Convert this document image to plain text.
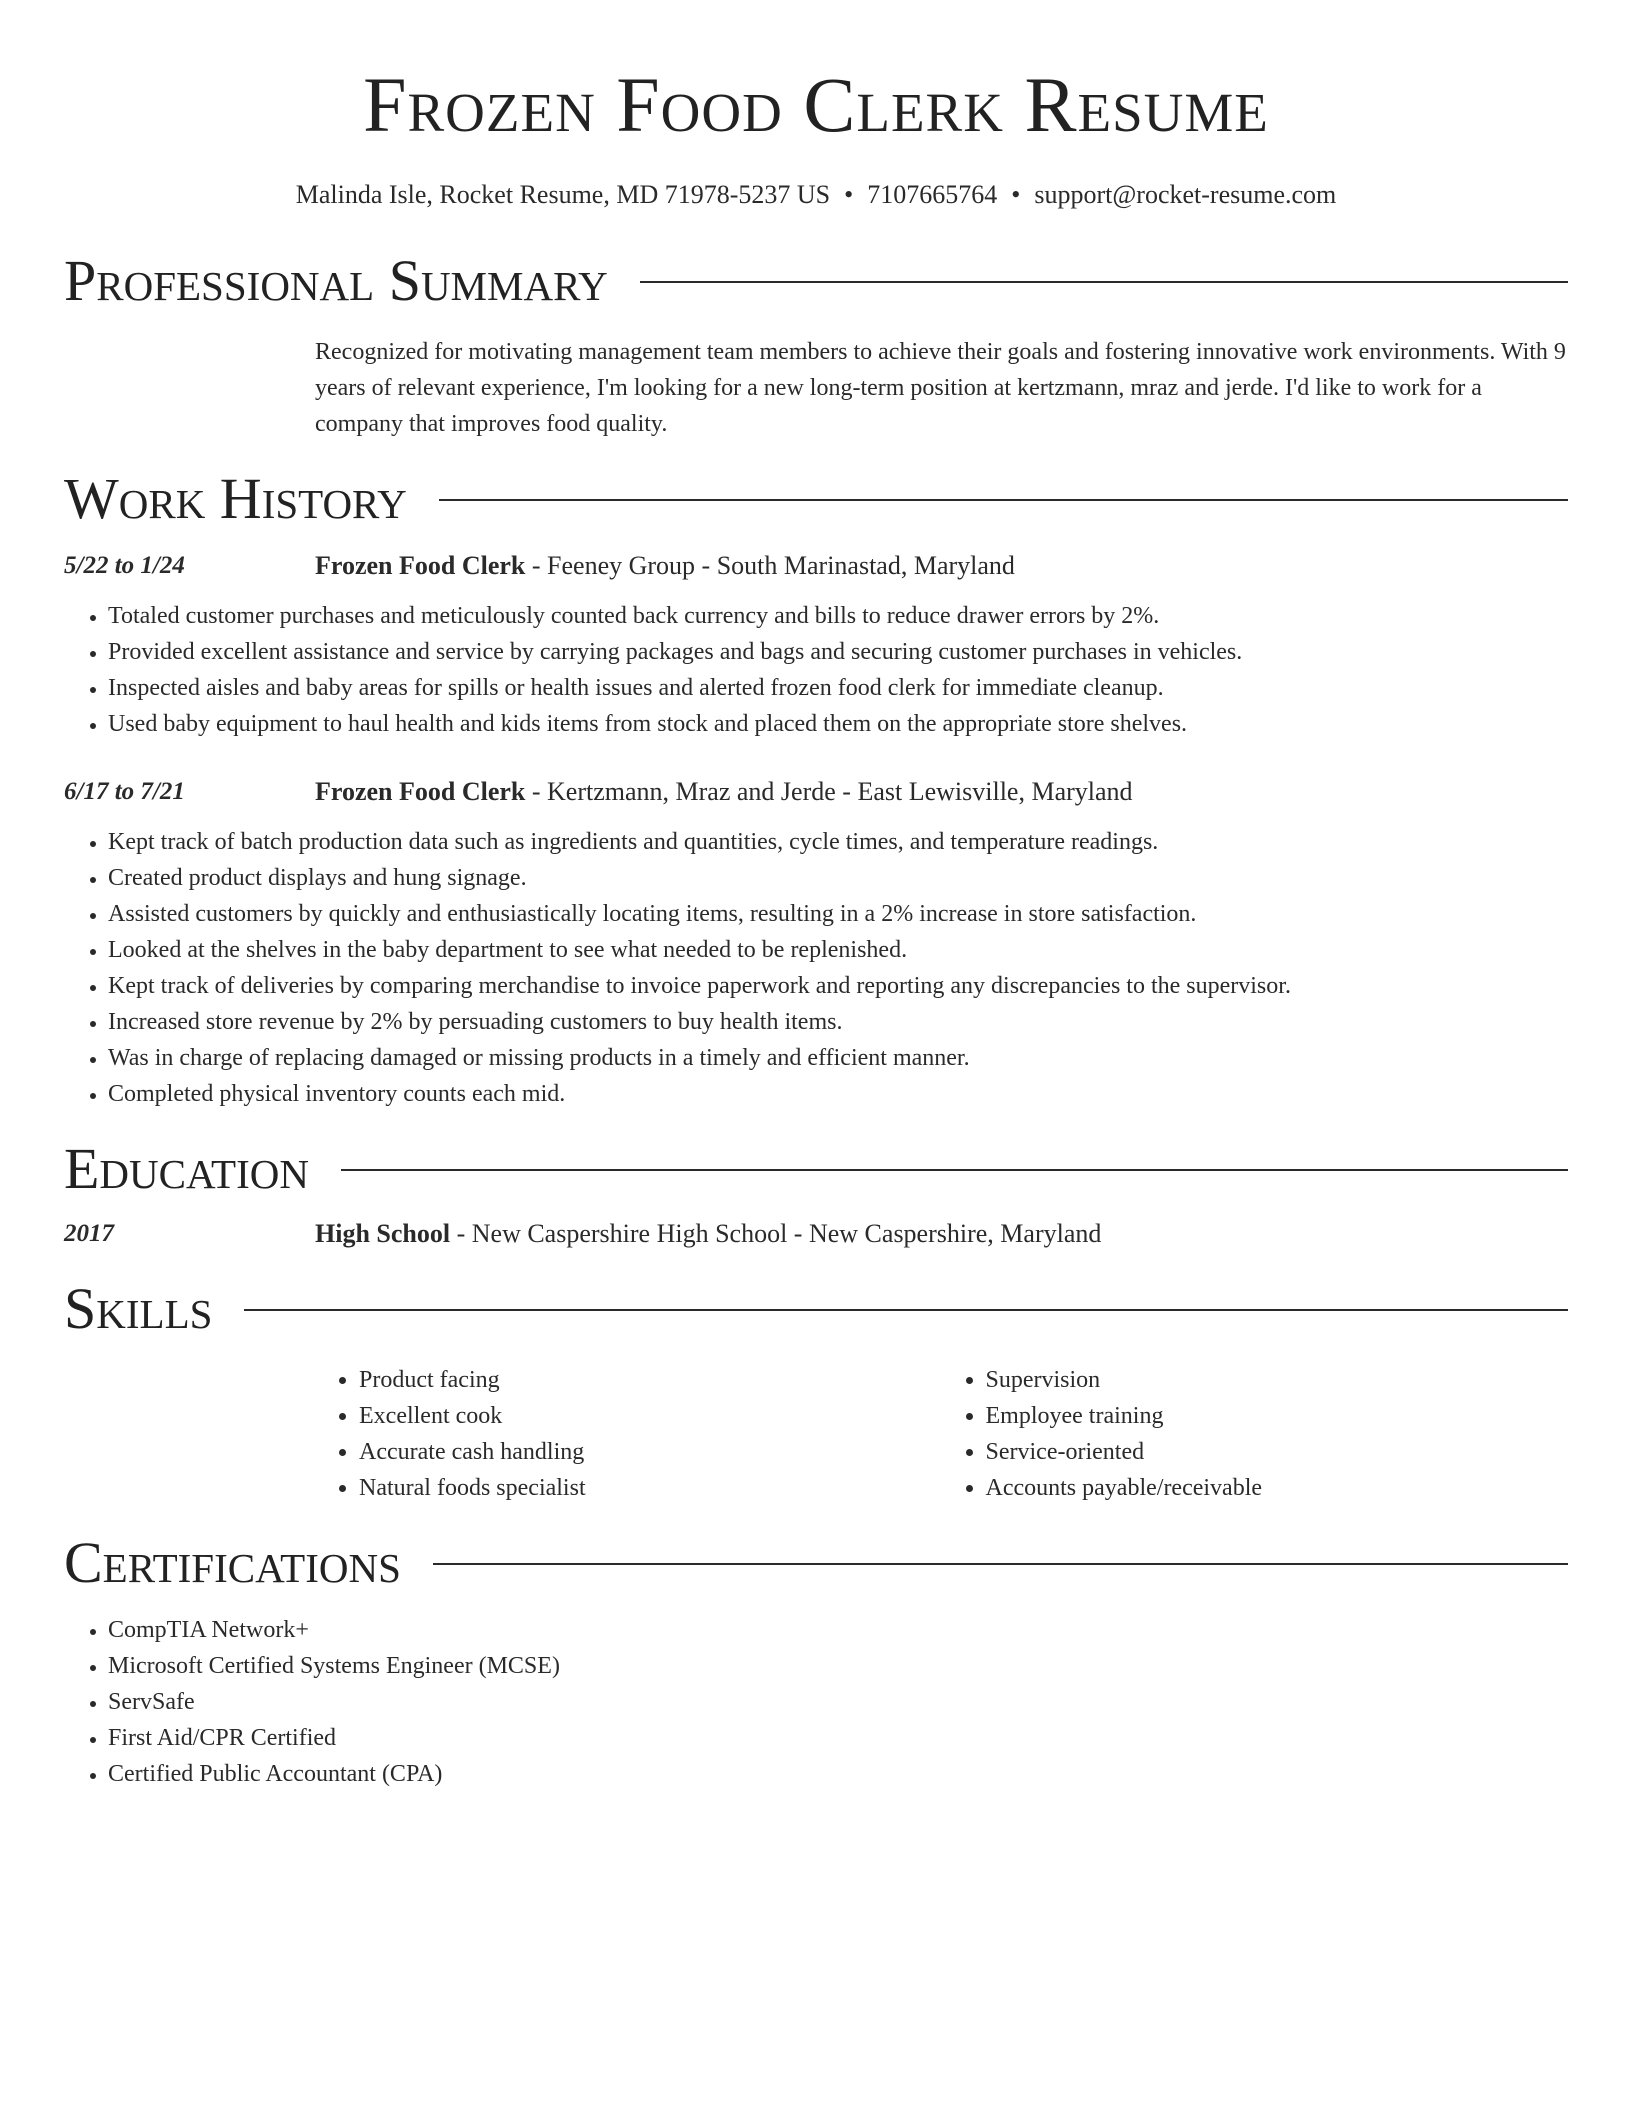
Frozen Food Clerk Resume
Malinda Isle, Rocket Resume, MD 71978-5237 US • 7107665764 • support@rocket-resume.com
Professional Summary
Recognized for motivating management team members to achieve their goals and fostering innovative work environments. With 9 years of relevant experience, I'm looking for a new long-term position at kertzmann, mraz and jerde. I'd like to work for a company that improves food quality.
Work History
5/22 to 1/24	Frozen Food Clerk - Feeney Group - South Marinastad, Maryland
• Totaled customer purchases and meticulously counted back currency and bills to reduce drawer errors by 2%.
• Provided excellent assistance and service by carrying packages and bags and securing customer purchases in vehicles.
• Inspected aisles and baby areas for spills or health issues and alerted frozen food clerk for immediate cleanup.
• Used baby equipment to haul health and kids items from stock and placed them on the appropriate store shelves.
6/17 to 7/21	Frozen Food Clerk - Kertzmann, Mraz and Jerde - East Lewisville, Maryland
• Kept track of batch production data such as ingredients and quantities, cycle times, and temperature readings.
• Created product displays and hung signage.
• Assisted customers by quickly and enthusiastically locating items, resulting in a 2% increase in store satisfaction.
• Looked at the shelves in the baby department to see what needed to be replenished.
• Kept track of deliveries by comparing merchandise to invoice paperwork and reporting any discrepancies to the supervisor.
• Increased store revenue by 2% by persuading customers to buy health items.
• Was in charge of replacing damaged or missing products in a timely and efficient manner.
• Completed physical inventory counts each mid.
Education
2017	High School - New Caspershire High School - New Caspershire, Maryland
Skills
• Product facing
• Excellent cook
• Accurate cash handling
• Natural foods specialist
• Supervision
• Employee training
• Service-oriented
• Accounts payable/receivable
Certifications
• CompTIA Network+
• Microsoft Certified Systems Engineer (MCSE)
• ServSafe
• First Aid/CPR Certified
• Certified Public Accountant (CPA)
